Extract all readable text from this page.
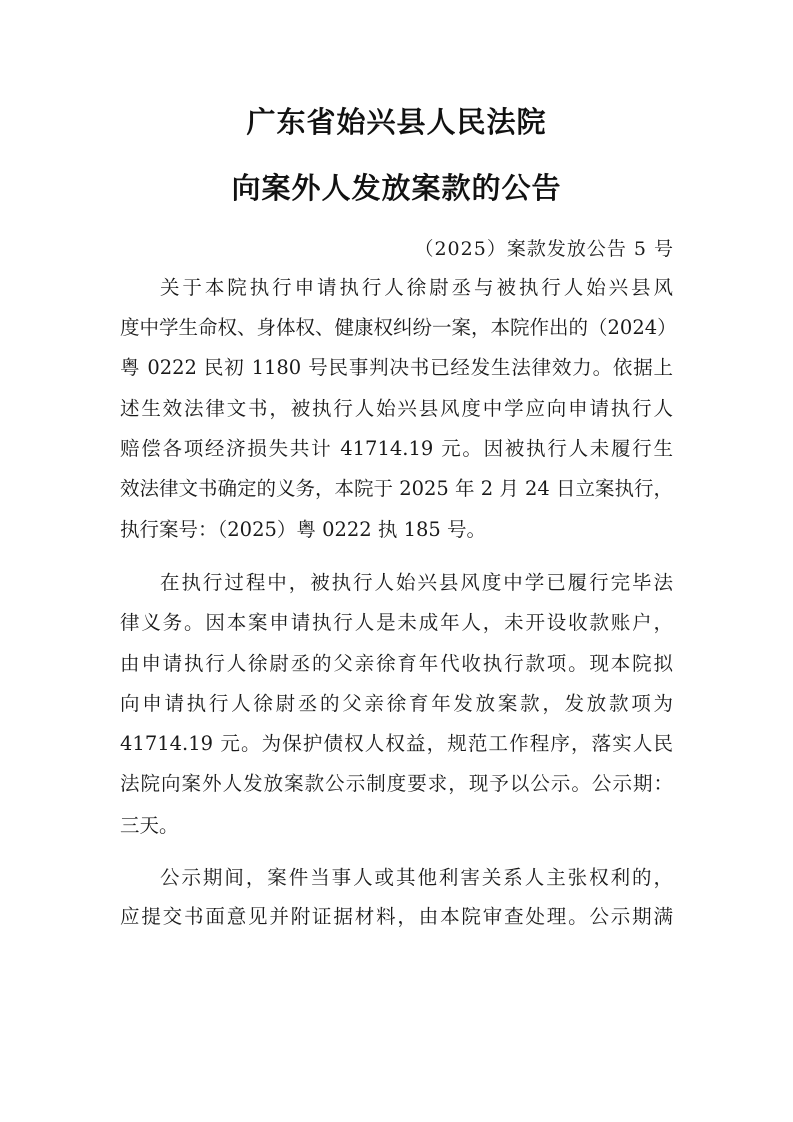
广东省始兴县人民法院
向案外人发放案款的公告
（2025）案款发放公告 5 号
关于本院执行申请执行人徐尉丞与被执行人始兴县风
度中学生命权、身体权、健康权纠纷一案，本院作出的（2024）
粤 0222 民初 1180 号民事判决书已经发生法律效力。依据上
述生效法律文书，被执行人始兴县风度中学应向申请执行人
赔偿各项经济损失共计 41714.19 元。因被执行人未履行生
效法律文书确定的义务，本院于 2025 年 2 月 24 日立案执行，
执行案号：（2025）粤 0222 执 185 号。
在执行过程中，被执行人始兴县风度中学已履行完毕法
律义务。因本案申请执行人是未成年人，未开设收款账户，
由申请执行人徐尉丞的父亲徐育年代收执行款项。现本院拟
向申请执行人徐尉丞的父亲徐育年发放案款，发放款项为
41714.19 元。为保护债权人权益，规范工作程序，落实人民
法院向案外人发放案款公示制度要求，现予以公示。公示期：
三天。
公示期间，案件当事人或其他利害关系人主张权利的，
应提交书面意见并附证据材料，由本院审查处理。公示期满
